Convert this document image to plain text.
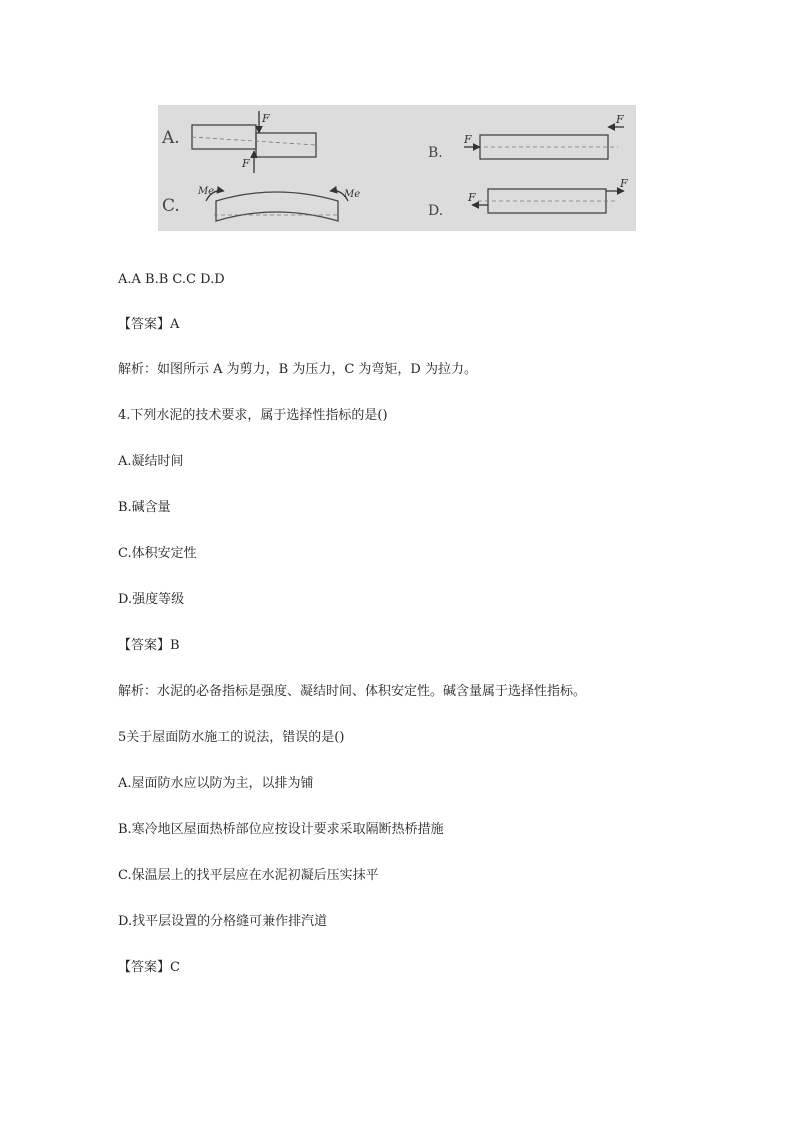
A.
F
F
B.
F
F
C.
Me	Me
D.
F
F
A.A B.B C.C D.D
【答案】A
解析：如图所示 A 为剪力，B 为压力，C 为弯矩，D 为拉力。
4.下列水泥的技术要求，属于选择性指标的是()
A.凝结时间
B.碱含量
C.体积安定性
D.强度等级
【答案】B
解析：水泥的必备指标是强度、凝结时间、体积安定性。碱含量属于选择性指标。
5关于屋面防水施工的说法，错误的是()
A.屋面防水应以防为主，以排为铺
B.寒冷地区屋面热桥部位应按设计要求采取隔断热桥措施
C.保温层上的找平层应在水泥初凝后压实抹平
D.找平层设置的分格缝可兼作排汽道
【答案】C
